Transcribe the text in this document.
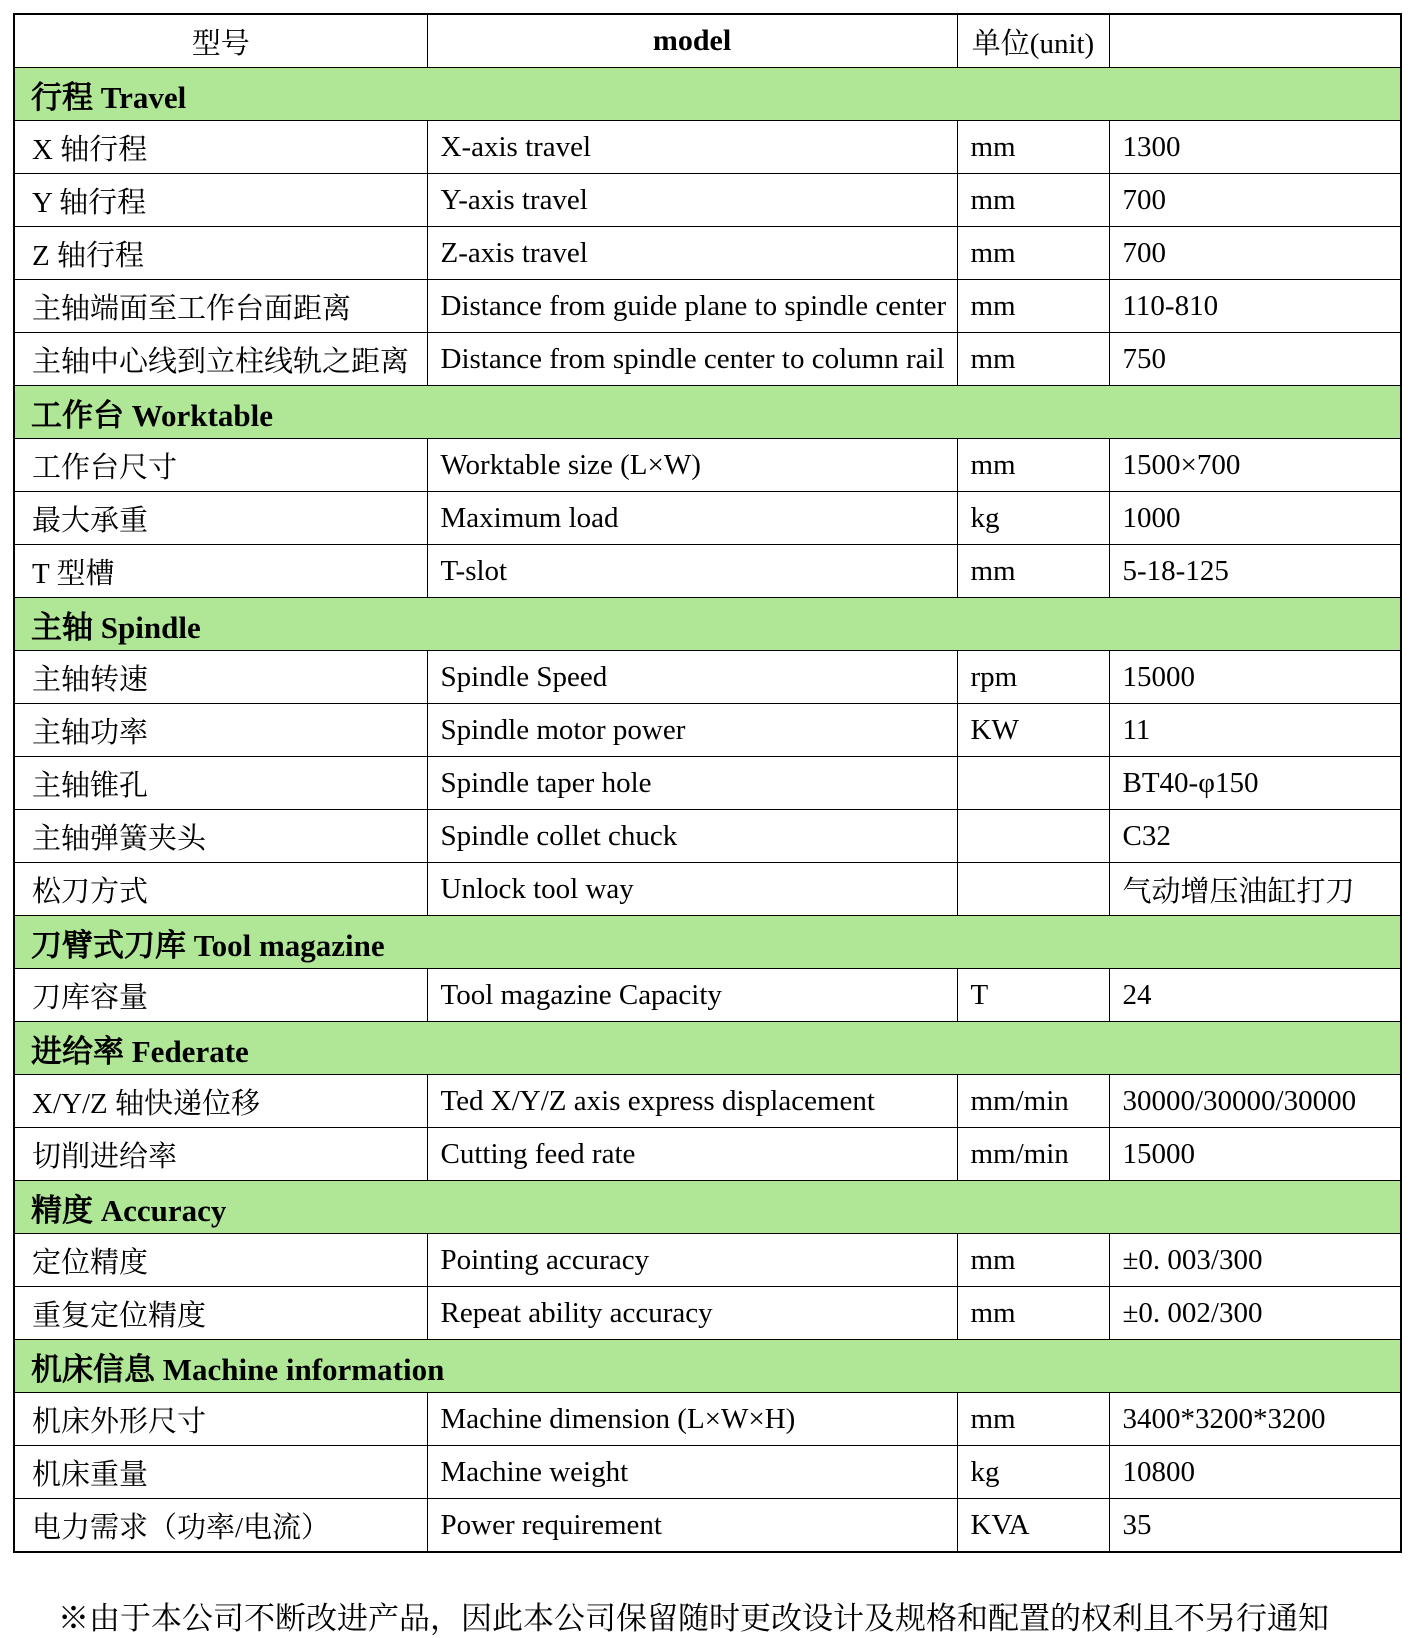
型号	model	单位(unit)	
行程 Travel			
X 轴行程	X-axis travel	mm	1300
Y 轴行程	Y-axis travel	mm	700
Z 轴行程	Z-axis travel	mm	700
主轴端面至工作台面距离	Distance from guide plane to spindle center	mm	110-810
主轴中心线到立柱线轨之距离	Distance from spindle center to column rail	mm	750
工作台 Worktable			
工作台尺寸	Worktable size (L×W)	mm	1500×700
最大承重	Maximum load	kg	1000
T 型槽	T-slot	mm	5-18-125
主轴 Spindle			
主轴转速	Spindle Speed	rpm	15000
主轴功率	Spindle motor power	KW	11
主轴锥孔	Spindle taper hole		BT40-φ150
主轴弹簧夹头	Spindle collet chuck		C32
松刀方式	Unlock tool way		气动增压油缸打刀
刀臂式刀库 Tool magazine			
刀库容量	Tool magazine Capacity	T	24
进给率 Federate			
X/Y/Z 轴快递位移	Ted X/Y/Z axis express displacement	mm/min	30000/30000/30000
切削进给率	Cutting feed rate	mm/min	15000
精度 Accuracy			
定位精度	Pointing accuracy	mm	±0. 003/300
重复定位精度	Repeat ability accuracy	mm	±0. 002/300
机床信息 Machine information			
机床外形尺寸	Machine dimension (L×W×H)	mm	3400*3200*3200
机床重量	Machine weight	kg	10800
电力需求（功率/电流）	Power requirement	KVA	35
※由于本公司不断改进产品，因此本公司保留随时更改设计及规格和配置的权利且不另行通知
